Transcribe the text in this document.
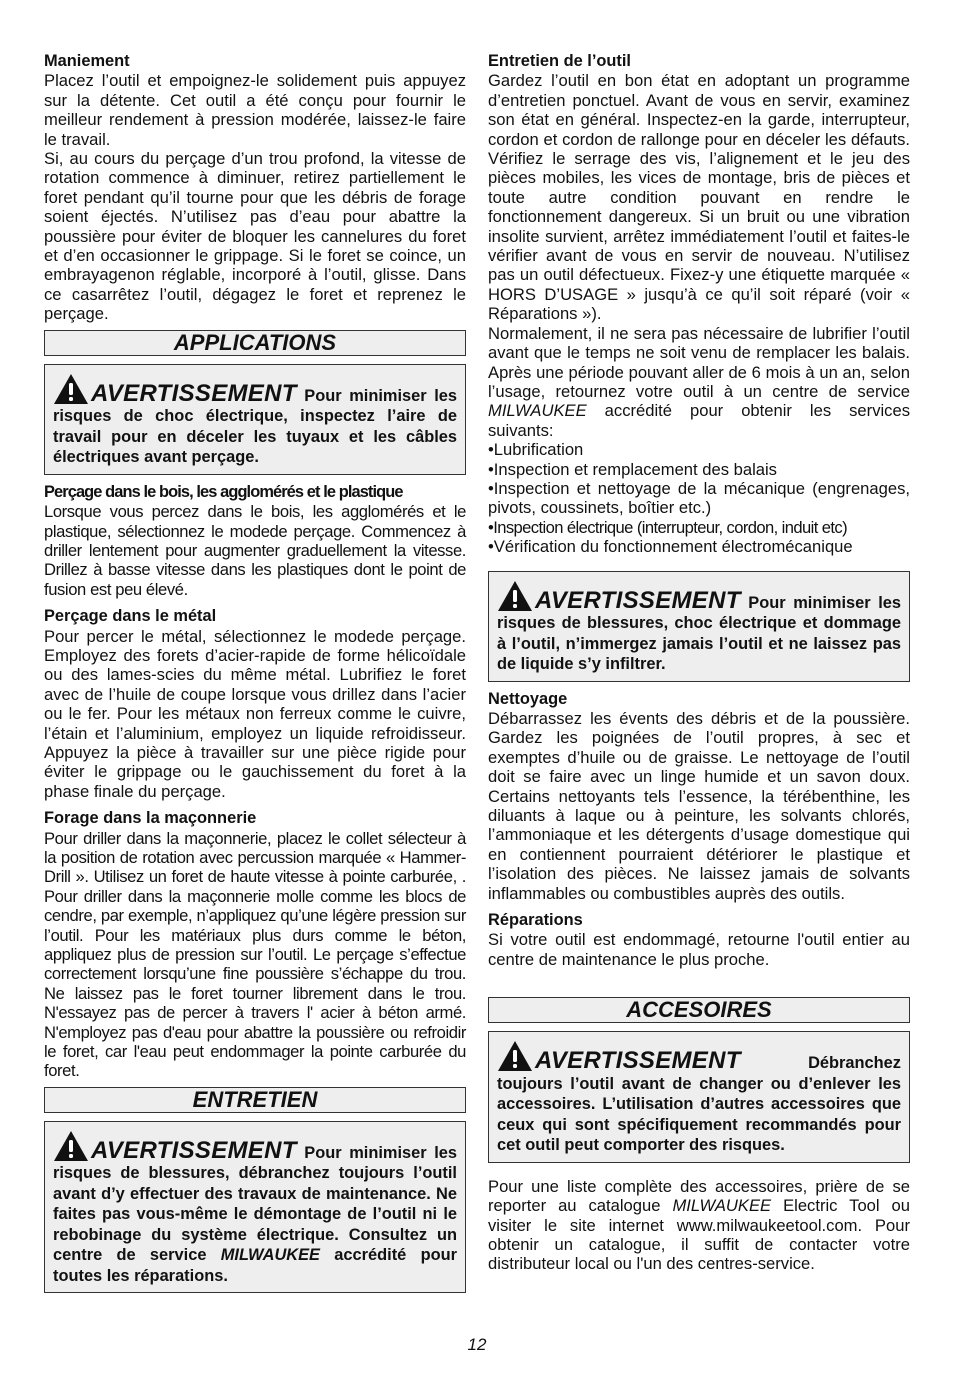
Maniement
Placez l’outil et empoignez-le solidement puis appuyez sur la détente. Cet outil a été conçu pour fournir le meilleur rendement à pression modérée, laissez-le faire le travail.
Si, au cours du perçage d’un trou profond, la vitesse de rotation commence à diminuer, retirez partiellement le foret pendant qu’il tourne pour que les débris de forage soient éjectés. N’utilisez pas d’eau pour abattre la poussière pour éviter de bloquer les cannelures du foret et d’en occasionner le grippage. Si le foret se coince, un embrayagenon réglable, incorporé à l’outil, glisse. Dans ce casarrêtez l’outil, dégagez le foret et reprenez le perçage.
APPLICATIONS
AVERTISSEMENT Pour minimiser les risques de choc électrique, inspectez l’aire de travail pour en déceler les tuyaux et les câbles électriques avant perçage.
Perçage dans le bois, les agglomérés et le plastique
Lorsque vous percez dans le bois, les agglomérés et le plastique, sélectionnez le modede perçage. Commencez à driller lentement pour augmenter graduellement la vitesse. Drillez à basse vitesse dans les plastiques dont le point de fusion est peu élevé.
Perçage dans le métal
Pour percer le métal, sélectionnez le modede perçage. Employez des forets d’acier-rapide de forme hélicoïdale ou des lames-scies du même métal. Lubrifiez le foret avec de l’huile de coupe lorsque vous drillez dans l’acier ou le fer. Pour les métaux non ferreux comme le cuivre, l’étain et l’aluminium, employez un liquide refroidisseur. Appuyez la pièce à travailler sur une pièce rigide pour éviter le grippage ou le gauchissement du foret à la phase finale du perçage.
Forage dans la maçonnerie
Pour driller dans la maçonnerie, placez le collet sélecteur à la position de rotation avec percussion marquée « Hammer-Drill ». Utilisez un foret de haute vitesse à pointe carburée, . Pour driller dans la maçonnerie molle comme les blocs de cendre, par exemple, n’appliquez qu’une légère pression sur l’outil. Pour les matériaux plus durs comme le béton, appliquez plus de pression sur l’outil. Le perçage s’effectue correctement lorsqu’une fine poussière s’échappe du trou. Ne laissez pas le foret tourner librement dans le trou. N'essayez pas de percer à travers l' acier à béton armé. N'employez pas d'eau pour abattre la poussière ou refroidir le foret, car l'eau peut endommager la pointe carburée du foret.
ENTRETIEN
AVERTISSEMENT Pour minimiser les risques de blessures, débranchez toujours l’outil avant d’y effectuer des travaux de maintenance. Ne faites pas vous-même le démontage de l’outil ni le rebobinage du système électrique. Consultez un centre de service MILWAUKEE accrédité pour toutes les réparations.
Entretien de l’outil
Gardez l’outil en bon état en adoptant un programme d’entretien ponctuel. Avant de vous en servir, examinez son état en général. Inspectez-en la garde, interrupteur, cordon et cordon de rallonge pour en déceler les défauts. Vérifiez le serrage des vis, l’alignement et le jeu des pièces mobiles, les vices de montage, bris de pièces et toute autre condition pouvant en rendre le fonctionnement dangereux. Si un bruit ou une vibration insolite survient, arrêtez immédiatement l’outil et faites-le vérifier avant de vous en servir de nouveau. N’utilisez pas un outil défectueux. Fixez-y une étiquette marquée « HORS D’USAGE » jusqu’à ce qu’il soit réparé (voir « Réparations »).
Normalement, il ne sera pas nécessaire de lubrifier l’outil avant que le temps ne soit venu de remplacer les balais. Après une période pouvant aller de 6 mois à un an, selon l’usage, retournez votre outil à un centre de service MILWAUKEE accrédité pour obtenir les services suivants:
•Lubrification
•Inspection et remplacement des balais
•Inspection et nettoyage de la mécanique (engrenages, pivots, coussinets, boîtier etc.)
•Inspection électrique (interrupteur, cordon, induit etc)
•Vérification du fonctionnement électromécanique
AVERTISSEMENT Pour minimiser les risques de blessures, choc électrique et dommage à l’outil, n’immergez jamais l’outil et ne laissez pas de liquide s’y infiltrer.
Nettoyage
Débarrassez les évents des débris et de la poussière. Gardez les poignées de l’outil propres, à sec et exemptes d’huile ou de graisse. Le nettoyage de l’outil doit se faire avec un linge humide et un savon doux. Certains nettoyants tels l’essence, la térébenthine, les diluants à laque ou à peinture, les solvants chlorés, l’ammoniaque et les détergents d’usage domestique qui en contiennent pourraient détériorer le plastique et l’isolation des pièces. Ne laissez jamais de solvants inflammables ou combustibles auprès des outils.
Réparations
Si votre outil est endommagé, retourne l'outil entier au centre de maintenance le plus proche.
ACCESOIRES
AVERTISSEMENT	Débranchez toujours l’outil avant de changer ou d’enlever les accessoires. L’utilisation d’autres accessoires que ceux qui sont spécifiquement recommandés pour cet outil peut comporter des risques.
Pour une liste complète des accessoires, prière de se reporter au catalogue MILWAUKEE Electric Tool ou visiter le site internet www.milwaukeetool.com. Pour obtenir un catalogue, il suffit de contacter votre distributeur local ou l'un des centres-service.
12
